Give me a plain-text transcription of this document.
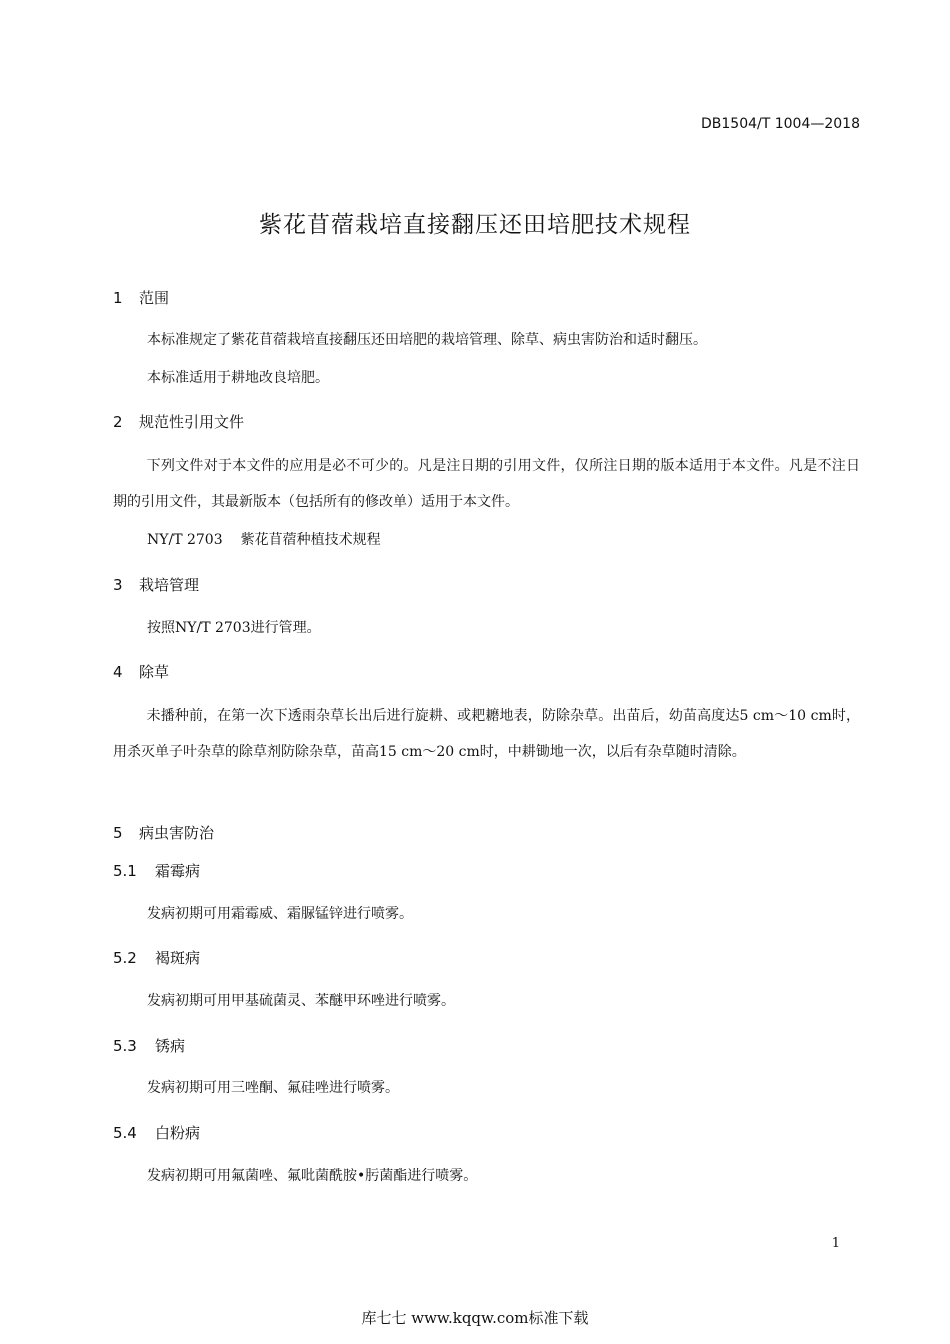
DB1504/T 1004—2018
紫花苜蓿栽培直接翻压还田培肥技术规程
1 范围
本标准规定了紫花苜蓿栽培直接翻压还田培肥的栽培管理、除草、病虫害防治和适时翻压。
本标准适用于耕地改良培肥。
2 规范性引用文件
下列文件对于本文件的应用是必不可少的。凡是注日期的引用文件，仅所注日期的版本适用于本文件。凡是不注日期的引用文件，其最新版本（包括所有的修改单）适用于本文件。
NY/T 2703 紫花苜蓿种植技术规程
3 栽培管理
按照NY/T 2703进行管理。
4 除草
未播种前，在第一次下透雨杂草长出后进行旋耕、或耙耱地表，防除杂草。出苗后，幼苗高度达5 cm～10 cm时，用杀灭单子叶杂草的除草剂防除杂草，苗高15 cm～20 cm时，中耕锄地一次，以后有杂草随时清除。
5 病虫害防治
5.1 霜霉病
发病初期可用霜霉威、霜脲锰锌进行喷雾。
5.2 褐斑病
发病初期可用甲基硫菌灵、苯醚甲环唑进行喷雾。
5.3 锈病
发病初期可用三唑酮、氟硅唑进行喷雾。
5.4 白粉病
发病初期可用氟菌唑、氟吡菌酰胺•肟菌酯进行喷雾。
1
库七七 www.kqqw.com标准下载
